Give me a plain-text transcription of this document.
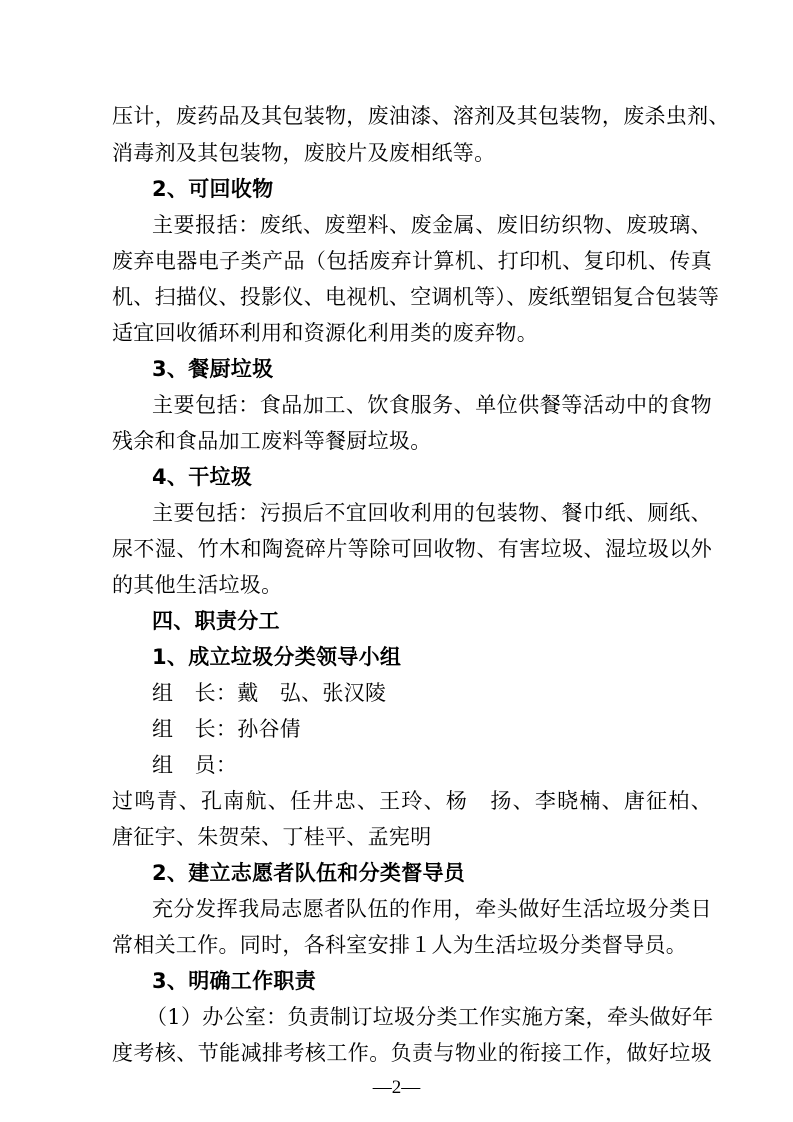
压计，废药品及其包装物，废油漆、溶剂及其包装物，废杀虫剂、
消毒剂及其包装物，废胶片及废相纸等。
2、可回收物
主要报括：废纸、废塑料、废金属、废旧纺织物、废玻璃、
废弃电器电子类产品（包括废弃计算机、打印机、复印机、传真
机、扫描仪、投影仪、电视机、空调机等）、废纸塑铝复合包装等
适宜回收循环利用和资源化利用类的废弃物。
3、餐厨垃圾
主要包括：食品加工、饮食服务、单位供餐等活动中的食物
残余和食品加工废料等餐厨垃圾。
4、干垃圾
主要包括：污损后不宜回收利用的包装物、餐巾纸、厕纸、
尿不湿、竹木和陶瓷碎片等除可回收物、有害垃圾、湿垃圾以外
的其他生活垃圾。
四、职责分工
1、成立垃圾分类领导小组
组　长：戴　弘、张汉陵
组　长：孙谷倩
组　员：
过鸣青、孔南航、任井忠、王玲、杨　扬、李晓楠、唐征柏、
唐征宇、朱贺荣、丁桂平、孟宪明
2、建立志愿者队伍和分类督导员
充分发挥我局志愿者队伍的作用，牵头做好生活垃圾分类日
常相关工作。同时，各科室安排１人为生活垃圾分类督导员。
3、明确工作职责
（1）办公室：负责制订垃圾分类工作实施方案，牵头做好年
度考核、节能减排考核工作。负责与物业的衔接工作，做好垃圾
—2—
